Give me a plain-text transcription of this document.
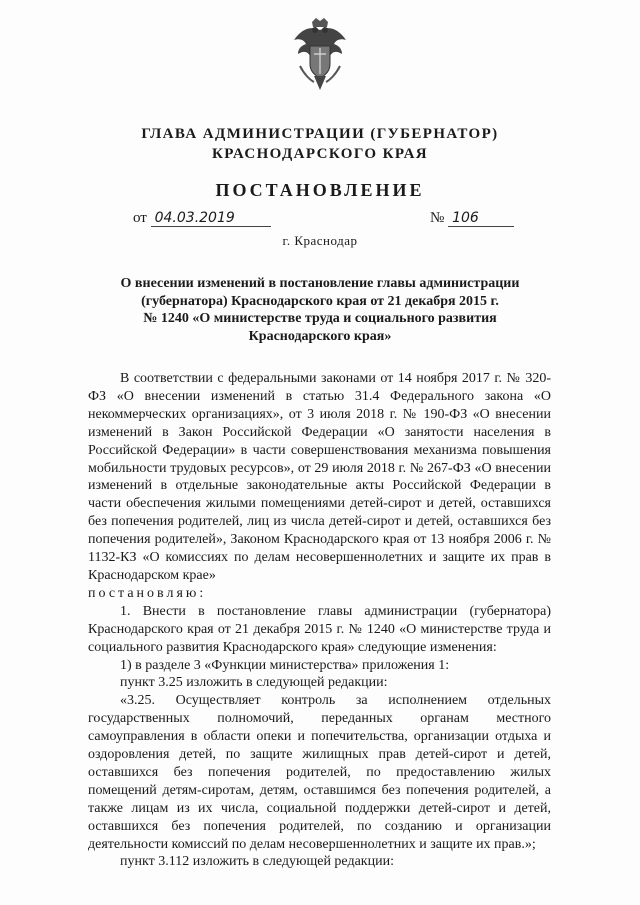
ГЛАВА АДМИНИСТРАЦИИ (ГУБЕРНАТОР)
КРАСНОДАРСКОГО КРАЯ
ПОСТАНОВЛЕНИЕ
от 04.03.2019	№ 106
г. Краснодар
О внесении изменений в постановление главы администрации
(губернатора) Краснодарского края от 21 декабря 2015 г.
№ 1240 «О министерстве труда и социального развития
Краснодарского края»

В соответствии с федеральными законами от 14 ноября 2017 г. № 320-ФЗ «О внесении изменений в статью 31.4 Федерального закона «О некоммерческих организациях», от 3 июля 2018 г. № 190-ФЗ «О внесении изменений в Закон Российской Федерации «О занятости населения в Российской Федерации» в части совершенствования механизма повышения мобильности трудовых ресурсов», от 29 июля 2018 г. № 267-ФЗ «О внесении изменений в отдельные законодательные акты Российской Федерации в части обеспечения жилыми помещениями детей-сирот и детей, оставшихся без попечения родителей, лиц из числа детей-сирот и детей, оставшихся без попечения родителей», Законом Краснодарского края от 13 ноября 2006 г. № 1132-КЗ «О комиссиях по делам несовершеннолетних и защите их прав в Краснодарском крае»

постановляю:

1. Внести в постановление главы администрации (губернатора) Краснодарского края от 21 декабря 2015 г. № 1240 «О министерстве труда и социального развития Краснодарского края» следующие изменения:

1) в разделе 3 «Функции министерства» приложения 1:

пункт 3.25 изложить в следующей редакции:

«3.25. Осуществляет контроль за исполнением отдельных государственных полномочий, переданных органам местного самоуправления в области опеки и попечительства, организации отдыха и оздоровления детей, по защите жилищных прав детей-сирот и детей, оставшихся без попечения родителей, по предоставлению жилых помещений детям-сиротам, детям, оставшимся без попечения родителей, а также лицам из их числа, социальной поддержки детей-сирот и детей, оставшихся без попечения родителей, по созданию и организации деятельности комиссий по делам несовершеннолетних и защите их прав.»;

пункт 3.112 изложить в следующей редакции:
